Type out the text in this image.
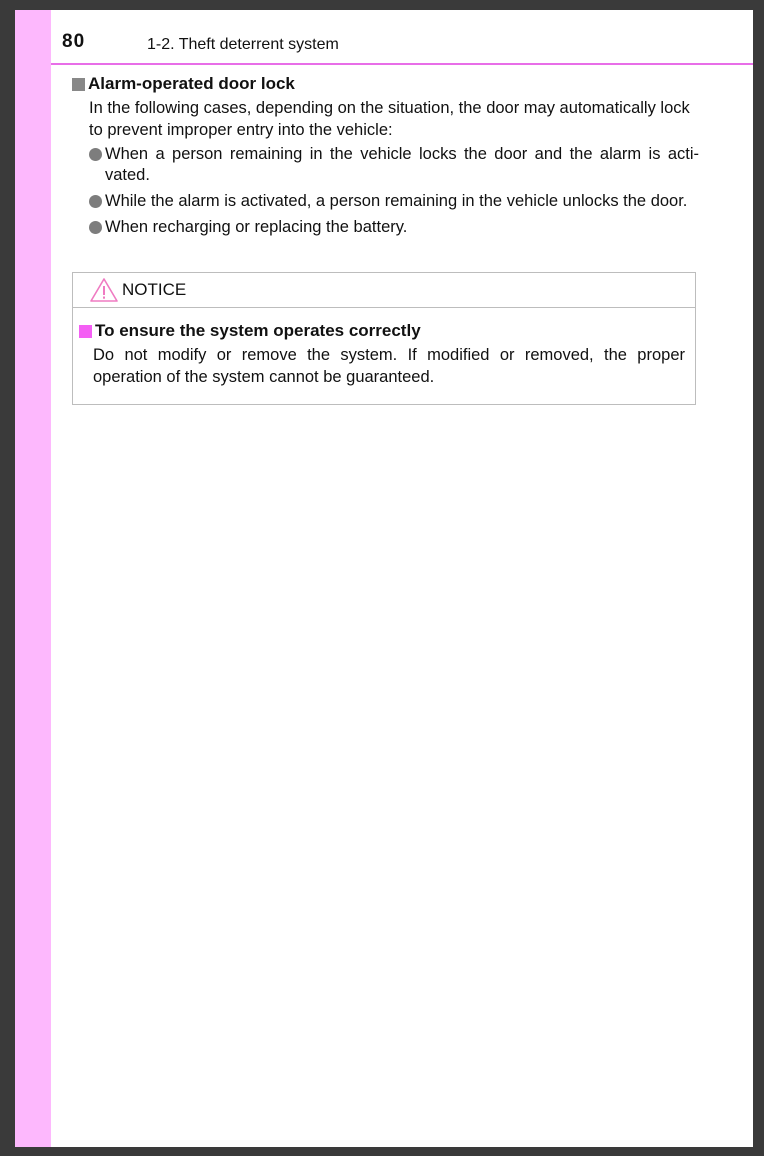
80	1-2. Theft deterrent system
Alarm-operated door lock
In the following cases, depending on the situation, the door may automatically lock to prevent improper entry into the vehicle:
When a person remaining in the vehicle locks the door and the alarm is acti-vated.
While the alarm is activated, a person remaining in the vehicle unlocks the door.
When recharging or replacing the battery.
NOTICE
To ensure the system operates correctly
Do not modify or remove the system. If modified or removed, the proper operation of the system cannot be guaranteed.
